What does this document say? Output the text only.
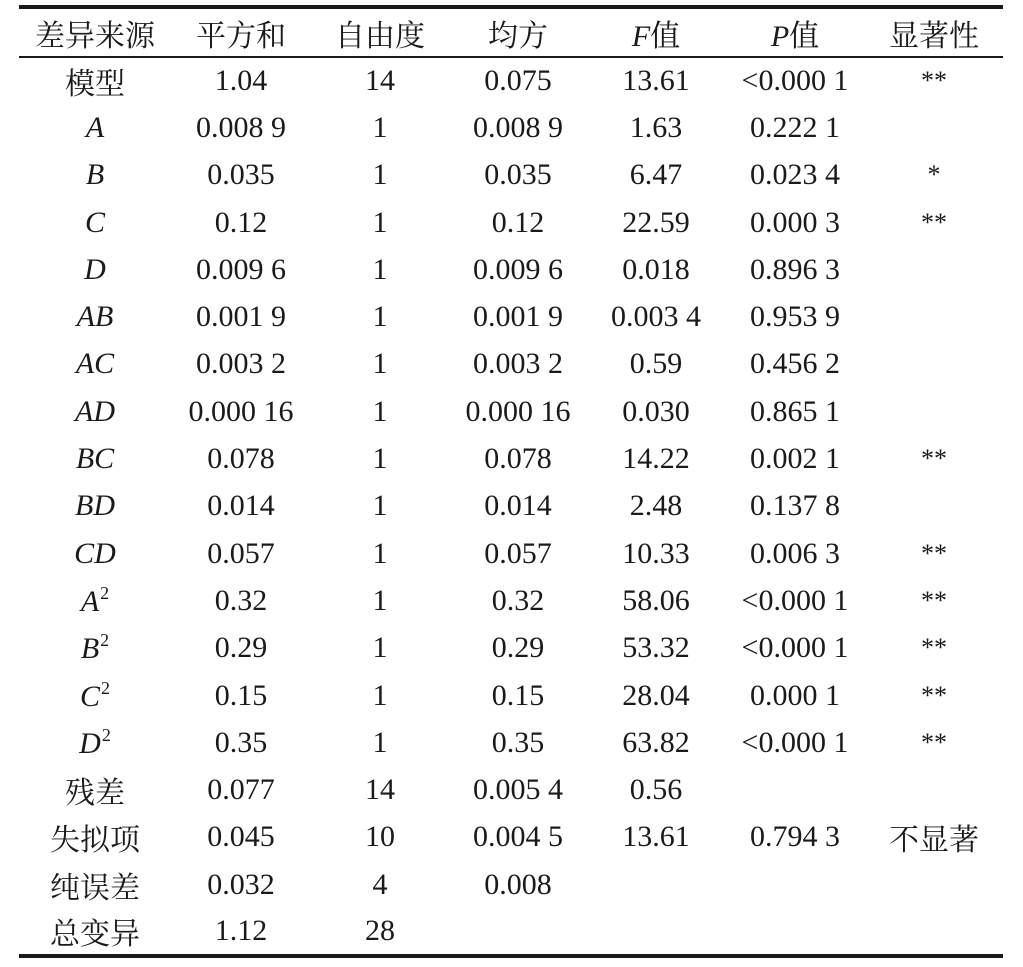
差异来源	平方和	自由度	均方	F值	P值	显著性
模型	1.04	14	0.075	13.61	<0.000 1	**
A	0.008 9	1	0.008 9	1.63	0.222 1	
B	0.035	1	0.035	6.47	0.023 4	*
C	0.12	1	0.12	22.59	0.000 3	**
D	0.009 6	1	0.009 6	0.018	0.896 3	
AB	0.001 9	1	0.001 9	0.003 4	0.953 9	
AC	0.003 2	1	0.003 2	0.59	0.456 2	
AD	0.000 16	1	0.000 16	0.030	0.865 1	
BC	0.078	1	0.078	14.22	0.002 1	**
BD	0.014	1	0.014	2.48	0.137 8	
CD	0.057	1	0.057	10.33	0.006 3	**
$A^2$	0.32	1	0.32	58.06	<0.000 1	**
$B^2$	0.29	1	0.29	53.32	<0.000 1	**
$C^2$	0.15	1	0.15	28.04	0.000 1	**
$D^2$	0.35	1	0.35	63.82	<0.000 1	**
残差	0.077	14	0.005 4	0.56		
失拟项	0.045	10	0.004 5	13.61	0.794 3	不显著
纯误差	0.032	4	0.008			
总变异	1.12	28				
